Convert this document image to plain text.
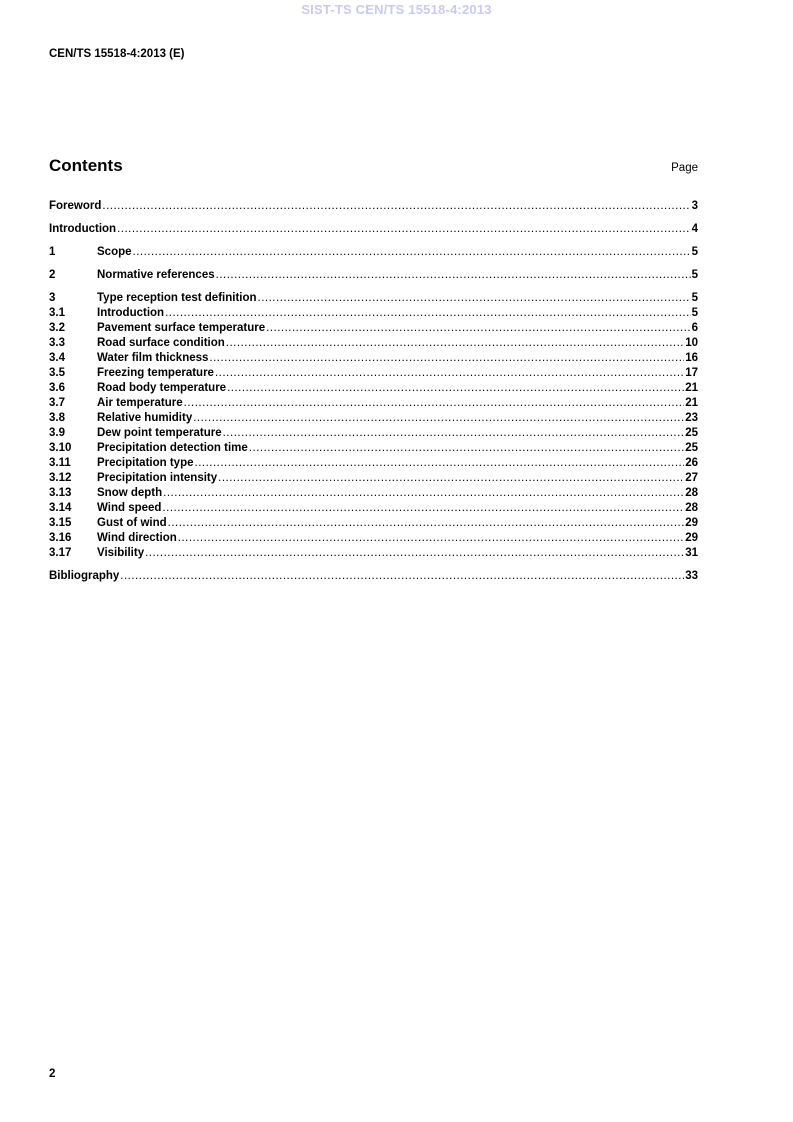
SIST-TS CEN/TS 15518-4:2013
CEN/TS 15518-4:2013 (E)
Contents	Page
Foreword .....	3
Introduction .....	4
1	Scope .....	5
2	Normative references .....	5
3	Type reception test definition .....	5
3.1	Introduction .....	5
3.2	Pavement surface temperature .....	6
3.3	Road surface condition .....	10
3.4	Water film thickness .....	16
3.5	Freezing temperature .....	17
3.6	Road body temperature .....	21
3.7	Air temperature .....	21
3.8	Relative humidity .....	23
3.9	Dew point temperature .....	25
3.10	Precipitation detection time .....	25
3.11	Precipitation type .....	26
3.12	Precipitation intensity .....	27
3.13	Snow depth .....	28
3.14	Wind speed .....	28
3.15	Gust of wind .....	29
3.16	Wind direction .....	29
3.17	Visibility .....	31
Bibliography .....	33
2
